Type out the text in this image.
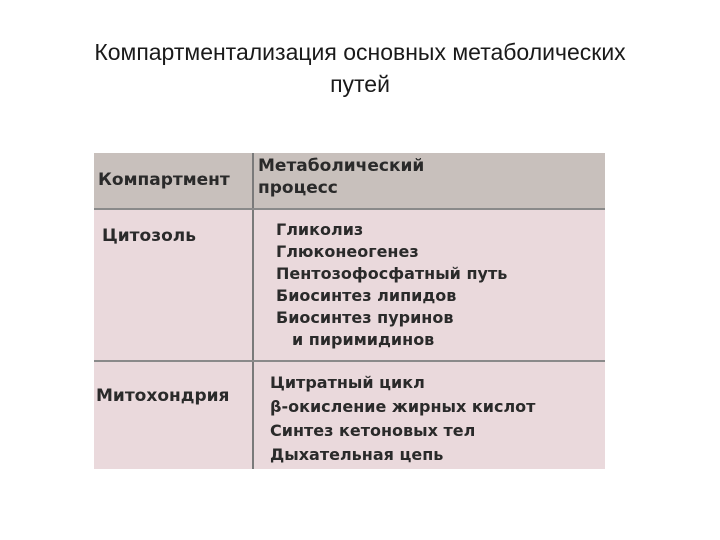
Компартментализация основных метаболических
путей
Компартмент
Метаболический
процесс
Цитозоль	Гликолиз
Глюконеогенез
Пентозофосфатный путь
Биосинтез липидов
Биосинтез пуринов
и пиримидинов
Митохондрия
Цитратный цикл
β-окисление жирных кислот
Синтез кетоновых тел
Дыхательная цепь
